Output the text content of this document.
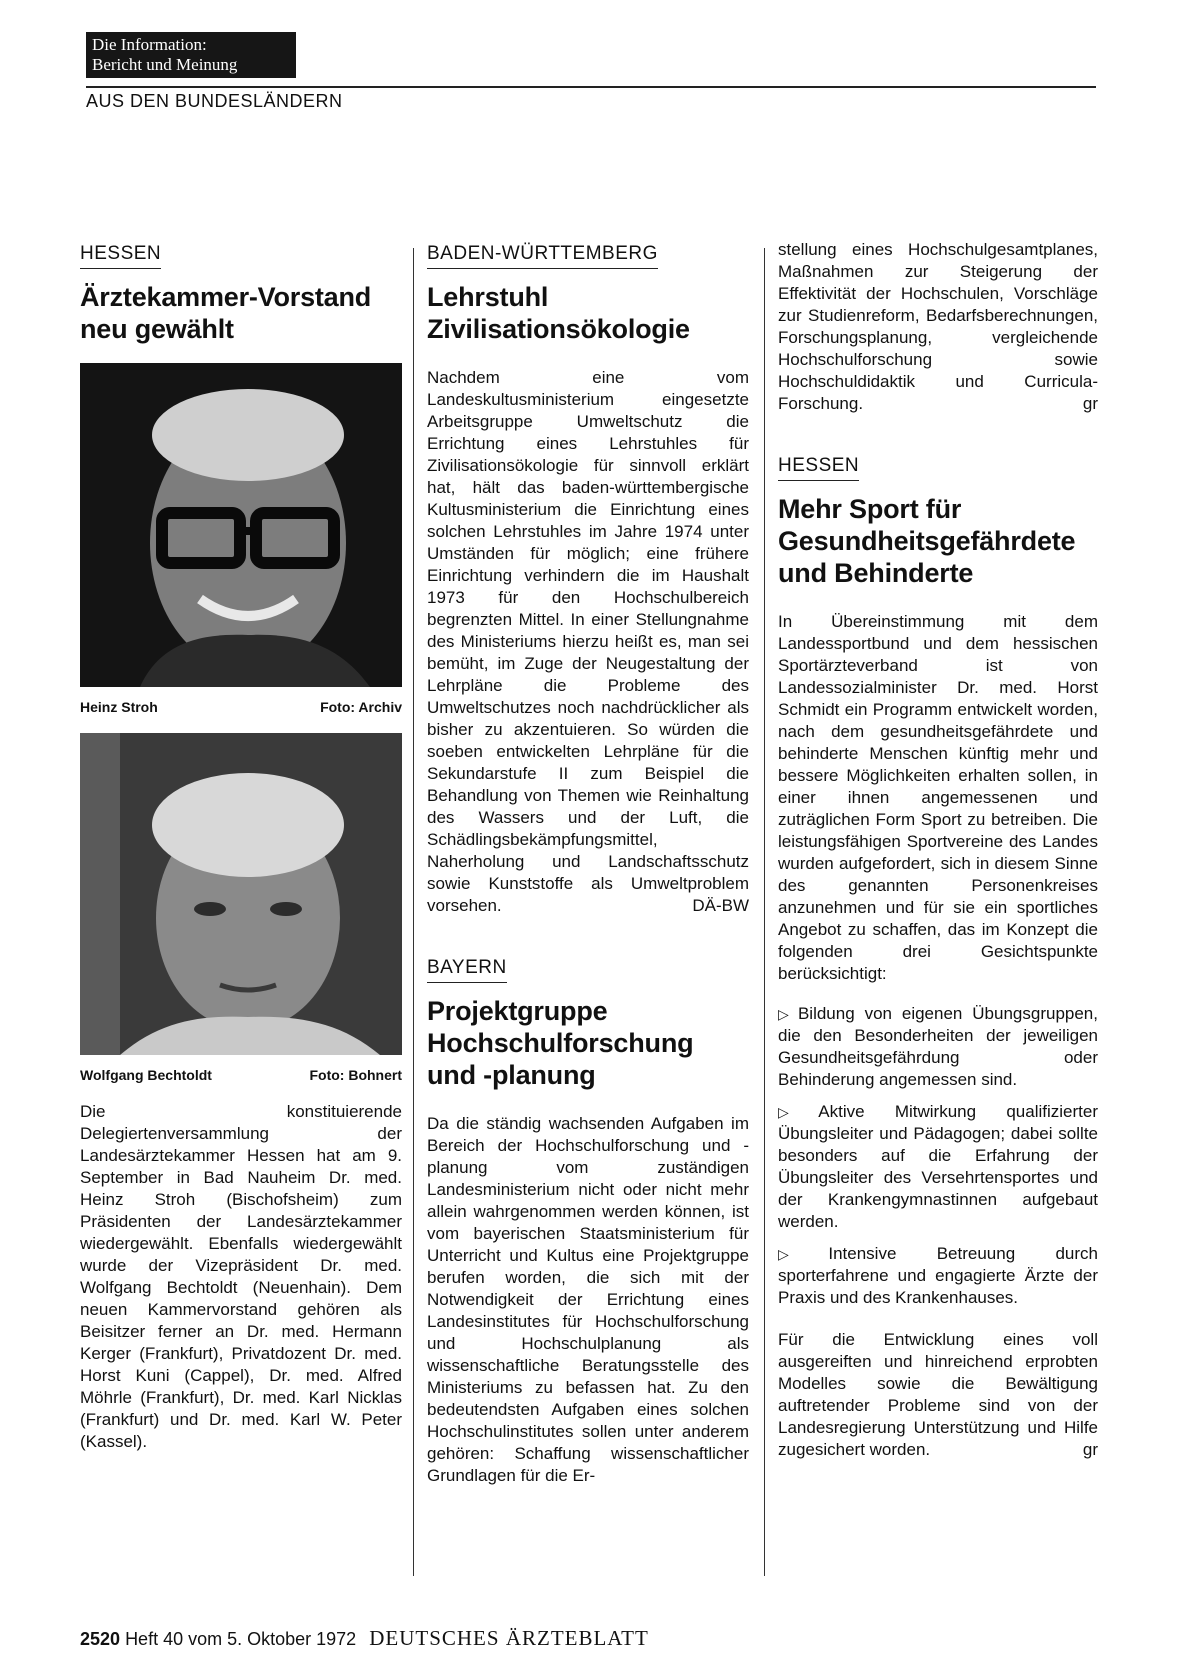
Die Information:
Bericht und Meinung
AUS DEN BUNDESLÄNDERN
HESSEN
Ärztekammer-Vorstand
neu gewählt
Heinz Stroh	Foto: Archiv
Wolfgang Bechtoldt	Foto: Bohnert

Die konstituierende Delegiertenversammlung der Landesärztekammer Hessen hat am 9. September in Bad Nauheim Dr. med. Heinz Stroh (Bischofsheim) zum Präsidenten der Landesärztekammer wiedergewählt. Ebenfalls wiedergewählt wurde der Vizepräsident Dr. med. Wolfgang Bechtoldt (Neuenhain). Dem neuen Kammervorstand gehören als Beisitzer ferner an Dr. med. Hermann Kerger (Frankfurt), Privatdozent Dr. med. Horst Kuni (Cappel), Dr. med. Alfred Möhrle (Frankfurt), Dr. med. Karl Nicklas (Frankfurt) und Dr. med. Karl W. Peter (Kassel).

BADEN-WÜRTTEMBERG
Lehrstuhl
Zivilisationsökologie

Nachdem eine vom Landeskultusministerium eingesetzte Arbeitsgruppe Umweltschutz die Errichtung eines Lehrstuhles für Zivilisationsökologie für sinnvoll erklärt hat, hält das baden-württembergische Kultusministerium die Einrichtung eines solchen Lehrstuhles im Jahre 1974 unter Umständen für möglich; eine frühere Einrichtung verhindern die im Haushalt 1973 für den Hochschulbereich begrenzten Mittel. In einer Stellungnahme des Ministeriums hierzu heißt es, man sei bemüht, im Zuge der Neugestaltung der Lehrpläne die Probleme des Umweltschutzes noch nachdrücklicher als bisher zu akzentuieren. So würden die soeben entwickelten Lehrpläne für die Sekundarstufe II zum Beispiel die Behandlung von Themen wie Reinhaltung des Wassers und der Luft, die Schädlingsbekämpfungsmittel, Naherholung und Landschaftsschutz sowie Kunststoffe als Umweltproblem vorsehen.	DÄ-BW

BAYERN
Projektgruppe
Hochschulforschung
und -planung

Da die ständig wachsenden Aufgaben im Bereich der Hochschulforschung und -planung vom zuständigen Landesministerium nicht oder nicht mehr allein wahrgenommen werden können, ist vom bayerischen Staatsministerium für Unterricht und Kultus eine Projektgruppe berufen worden, die sich mit der Notwendigkeit der Errichtung eines Landesinstitutes für Hochschulforschung und Hochschulplanung als wissenschaftliche Beratungsstelle des Ministeriums zu befassen hat. Zu den bedeutendsten Aufgaben eines solchen Hochschulinstitutes sollen unter anderem gehören: Schaffung wissenschaftlicher Grundlagen für die Er-

stellung eines Hochschulgesamtplanes, Maßnahmen zur Steigerung der Effektivität der Hochschulen, Vorschläge zur Studienreform, Bedarfsberechnungen, Forschungsplanung, vergleichende Hochschulforschung sowie Hochschuldidaktik und Curricula-Forschung.	gr

HESSEN
Mehr Sport für
Gesundheitsgefährdete
und Behinderte

In Übereinstimmung mit dem Landessportbund und dem hessischen Sportärzteverband ist von Landessozialminister Dr. med. Horst Schmidt ein Programm entwickelt worden, nach dem gesundheitsgefährdete und behinderte Menschen künftig mehr und bessere Möglichkeiten erhalten sollen, in einer ihnen angemessenen und zuträglichen Form Sport zu betreiben. Die leistungsfähigen Sportvereine des Landes wurden aufgefordert, sich in diesem Sinne des genannten Personenkreises anzunehmen und für sie ein sportliches Angebot zu schaffen, das im Konzept die folgenden drei Gesichtspunkte berücksichtigt:

▷ Bildung von eigenen Übungsgruppen, die den Besonderheiten der jeweiligen Gesundheitsgefährdung oder Behinderung angemessen sind.

▷ Aktive Mitwirkung qualifizierter Übungsleiter und Pädagogen; dabei sollte besonders auf die Erfahrung der Übungsleiter des Versehrtensportes und der Krankengymnastinnen aufgebaut werden.

▷ Intensive Betreuung durch sporterfahrene und engagierte Ärzte der Praxis und des Krankenhauses.

Für die Entwicklung eines voll ausgereiften und hinreichend erprobten Modelles sowie die Bewältigung auftretender Probleme sind von der Landesregierung Unterstützung und Hilfe zugesichert worden.	gr

2520 Heft 40 vom 5. Oktober 1972 DEUTSCHES ÄRZTEBLATT
